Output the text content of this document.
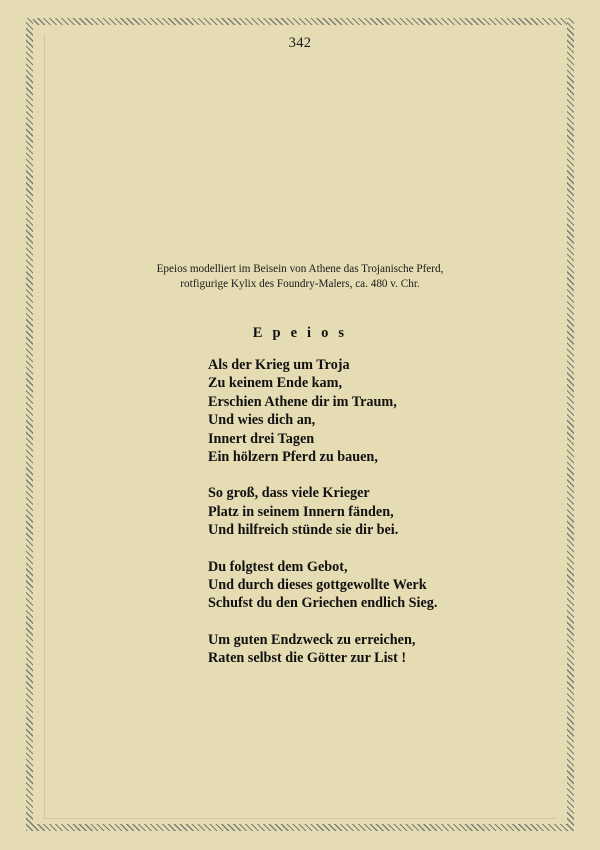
342
Epeios modelliert im Beisein von Athene das Trojanische Pferd,
rotfigurige Kylix des Foundry-Malers, ca. 480 v. Chr.
E p e i o s
Als der Krieg um Troja
Zu keinem Ende kam,
Erschien Athene dir im Traum,
Und wies dich an,
Innert drei Tagen
Ein hölzern Pferd zu bauen,
So groß, dass viele Krieger
Platz in seinem Innern fänden,
Und hilfreich stünde sie dir bei.
Du folgtest dem Gebot,
Und durch dieses gottgewollte Werk
Schufst du den Griechen endlich Sieg.
Um guten Endzweck zu erreichen,
Raten selbst die Götter zur List !
